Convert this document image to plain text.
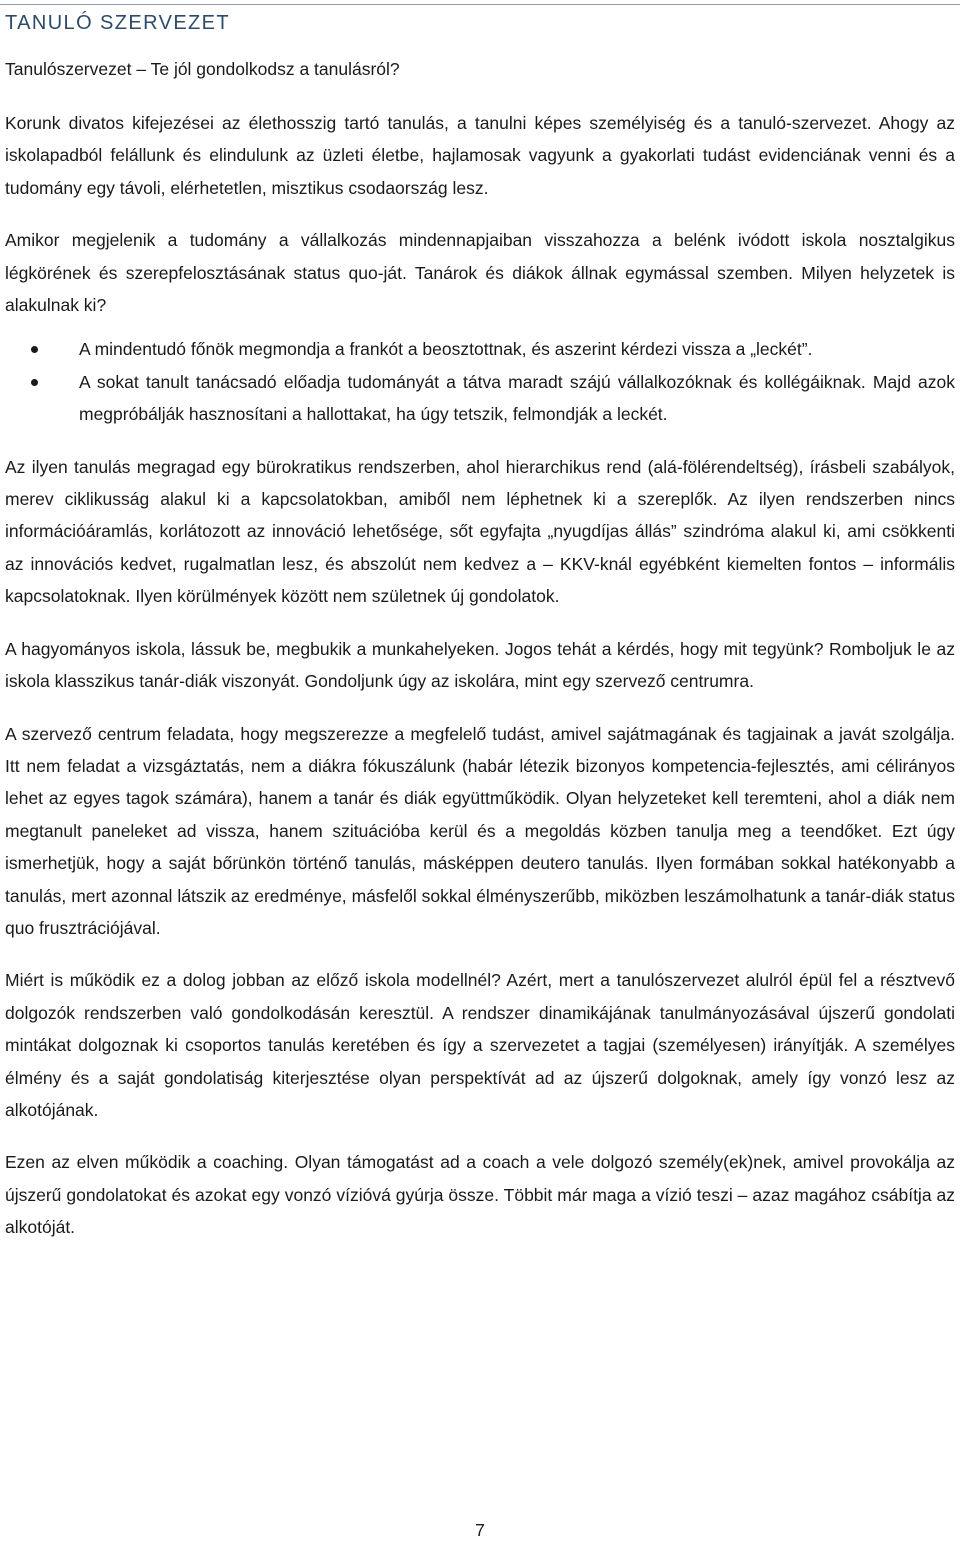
TANULÓ SZERVEZET

Tanulószervezet – Te jól gondolkodsz a tanulásról?

Korunk divatos kifejezései az élethosszig tartó tanulás, a tanulni képes személyiség és a tanuló-szervezet. Ahogy az iskolapadból felállunk és elindulunk az üzleti életbe, hajlamosak vagyunk a gyakorlati tudást evidenciának venni és a tudomány egy távoli, elérhetetlen, misztikus csodaország lesz.

Amikor megjelenik a tudomány a vállalkozás mindennapjaiban visszahozza a belénk ivódott iskola nosztalgikus légkörének és szerepfelosztásának status quo-ját. Tanárok és diákok állnak egymással szemben. Milyen helyzetek is alakulnak ki?

A mindentudó főnök megmondja a frankót a beosztottnak, és aszerint kérdezi vissza a „leckét”.
A sokat tanult tanácsadó előadja tudományát a tátva maradt szájú vállalkozóknak és kollégáiknak. Majd azok megpróbálják hasznosítani a hallottakat, ha úgy tetszik, felmondják a leckét.

Az ilyen tanulás megragad egy bürokratikus rendszerben, ahol hierarchikus rend (alá-fölérendeltség), írásbeli szabályok, merev ciklikusság alakul ki a kapcsolatokban, amiből nem léphetnek ki a szereplők. Az ilyen rendszerben nincs információáramlás, korlátozott az innováció lehetősége, sőt egyfajta „nyugdíjas állás” szindróma alakul ki, ami csökkenti az innovációs kedvet, rugalmatlan lesz, és abszolút nem kedvez a – KKV-knál egyébként kiemelten fontos – informális kapcsolatoknak. Ilyen körülmények között nem születnek új gondolatok.

A hagyományos iskola, lássuk be, megbukik a munkahelyeken. Jogos tehát a kérdés, hogy mit tegyünk? Romboljuk le az iskola klasszikus tanár-diák viszonyát. Gondoljunk úgy az iskolára, mint egy szervező centrumra.

A szervező centrum feladata, hogy megszerezze a megfelelő tudást, amivel sajátmagának és tagjainak a javát szolgálja. Itt nem feladat a vizsgáztatás, nem a diákra fókuszálunk (habár létezik bizonyos kompetencia-fejlesztés, ami célirányos lehet az egyes tagok számára), hanem a tanár és diák együttműködik. Olyan helyzeteket kell teremteni, ahol a diák nem megtanult paneleket ad vissza, hanem szituációba kerül és a megoldás közben tanulja meg a teendőket. Ezt úgy ismerhetjük, hogy a saját bőrünkön történő tanulás, másképpen deutero tanulás. Ilyen formában sokkal hatékonyabb a tanulás, mert azonnal látszik az eredménye, másfelől sokkal élményszerűbb, miközben leszámolhatunk a tanár-diák status quo frusztrációjával.

Miért is működik ez a dolog jobban az előző iskola modellnél? Azért, mert a tanulószervezet alulról épül fel a résztvevő dolgozók rendszerben való gondolkodásán keresztül. A rendszer dinamikájának tanulmányozásával újszerű gondolati mintákat dolgoznak ki csoportos tanulás keretében és így a szervezetet a tagjai (személyesen) irányítják. A személyes élmény és a saját gondolatiság kiterjesztése olyan perspektívát ad az újszerű dolgoknak, amely így vonzó lesz az alkotójának.

Ezen az elven működik a coaching. Olyan támogatást ad a coach a vele dolgozó személy(ek)nek, amivel provokálja az újszerű gondolatokat és azokat egy vonzó vízióvá gyúrja össze. Többit már maga a vízió teszi – azaz magához csábítja az alkotóját.

7
